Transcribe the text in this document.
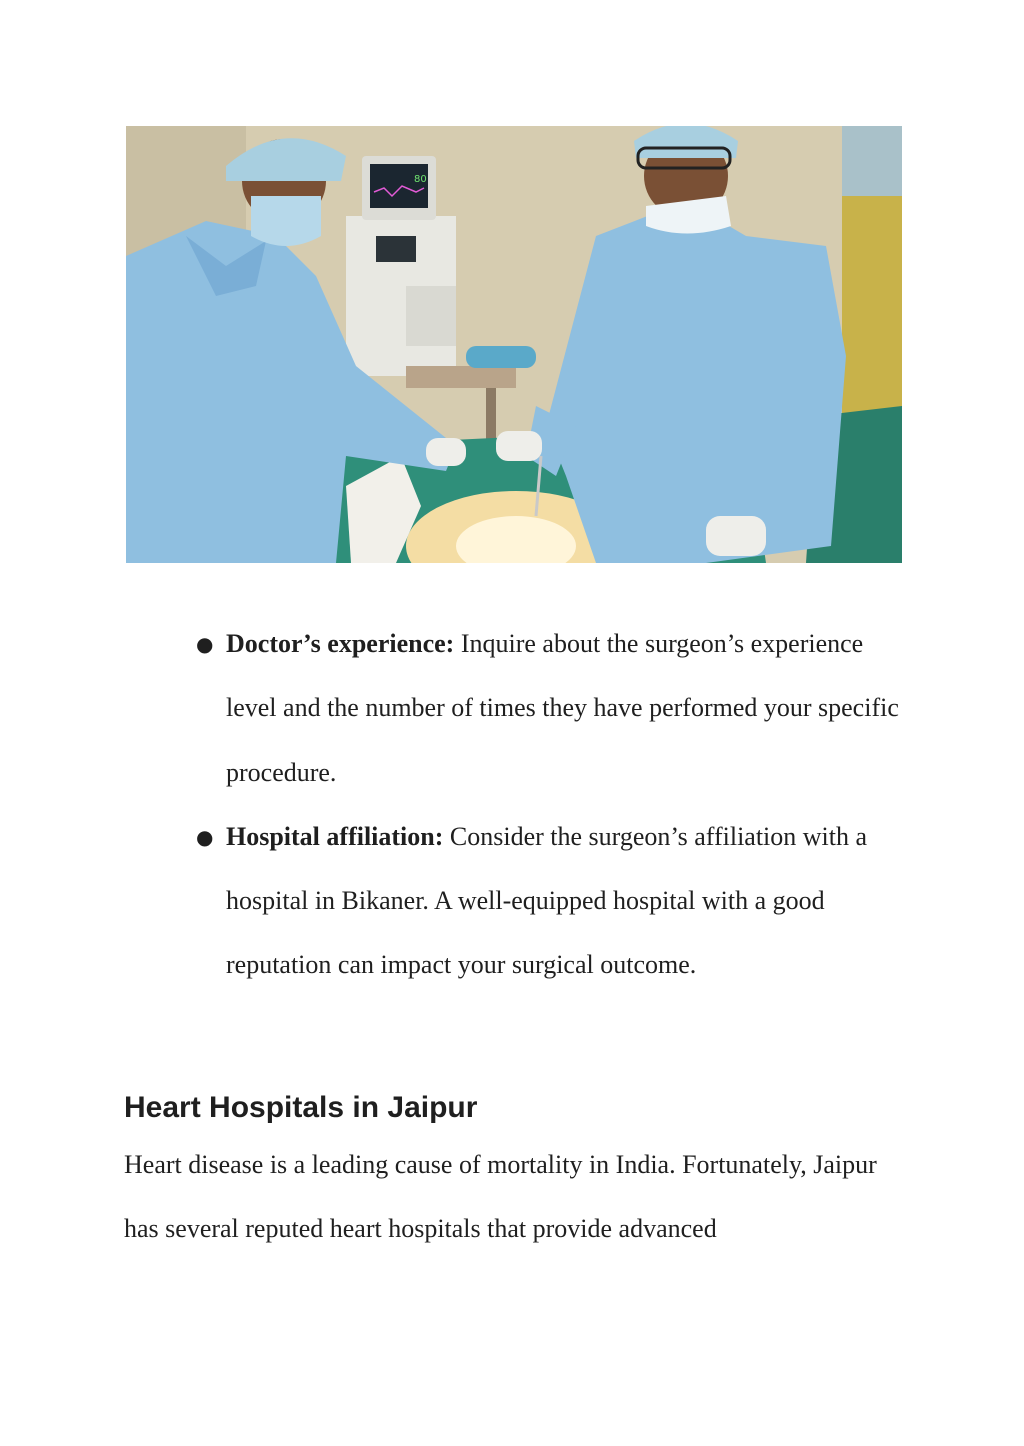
80
● Doctor’s experience: Inquire about the surgeon’s experience level and the number of times they have performed your specific procedure.
● Hospital affiliation: Consider the surgeon’s affiliation with a hospital in Bikaner. A well-equipped hospital with a good reputation can impact your surgical outcome.
Heart Hospitals in Jaipur

Heart disease is a leading cause of mortality in India. Fortunately, Jaipur has several reputed heart hospitals that provide advanced
